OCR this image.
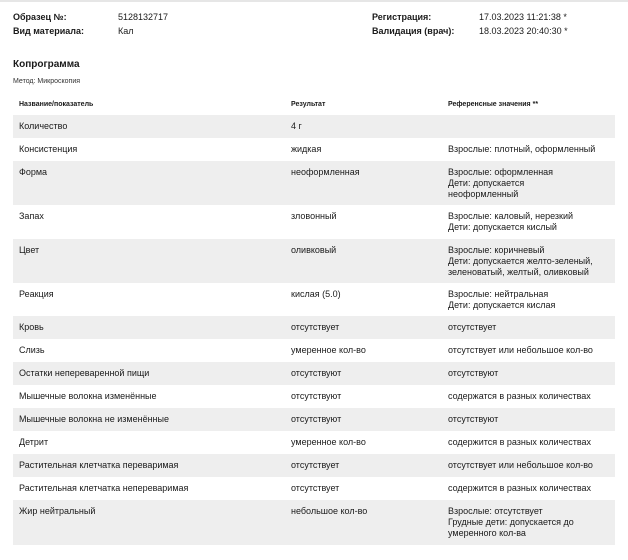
Образец №:	5128132717
Вид материала:	Кал
Регистрация:	17.03.2023 11:21:38 *
Валидация (врач):	18.03.2023 20:40:30 *
Копрограмма
Метод: Микроскопия
Название/показатель	Результат	Референсные значения **
Количество	4 г
Консистенция	жидкая	Взрослые: плотный, оформленный
Форма	неоформленная	Взрослые: оформленная
Дети: допускается
неоформленный
Запах	зловонный	Взрослые: каловый, нерезкий
Дети: допускается кислый
Цвет	оливковый	Взрослые: коричневый
Дети: допускается желто-зеленый,
зеленоватый, желтый, оливковый
Реакция	кислая (5.0)	Взрослые: нейтральная
Дети: допускается кислая
Кровь	отсутствует	отсутствует
Слизь	умеренное кол-во	отсутствует или небольшое кол-во
Остатки непереваренной пищи	отсутствуют	отсутствуют
Мышечные волокна изменённые	отсутствуют	содержатся в разных количествах
Мышечные волокна не изменённые	отсутствуют	отсутствуют
Детрит	умеренное кол-во	содержится в разных количествах
Растительная клетчатка переваримая	отсутствует	отсутствует или небольшое кол-во
Растительная клетчатка непереваримая	отсутствует	содержится в разных количествах
Жир нейтральный	небольшое кол-во	Взрослые: отсутствует
Грудные дети: допускается до
умеренного кол-ва
